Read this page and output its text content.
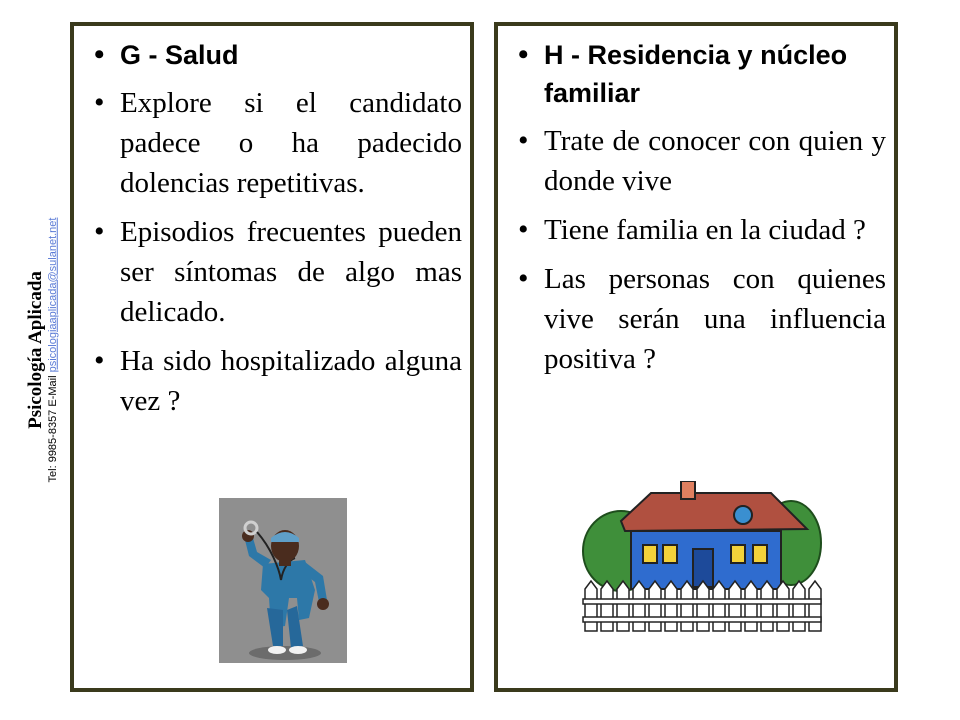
Psicología Aplicada Tel: 9985-8357 E-Mail psicologiaaplicada@sulanet.net
• G - Salud
• Explore si el candidato padece o ha padecido dolencias repetitivas.
• Episodios frecuentes pueden ser síntomas de algo mas delicado.
• Ha sido hospitalizado alguna vez ?
• H - Residencia y núcleo familiar
• Trate de conocer con quien y donde vive
• Tiene familia en la ciudad ?
• Las personas con quienes vive serán una influencia positiva ?
